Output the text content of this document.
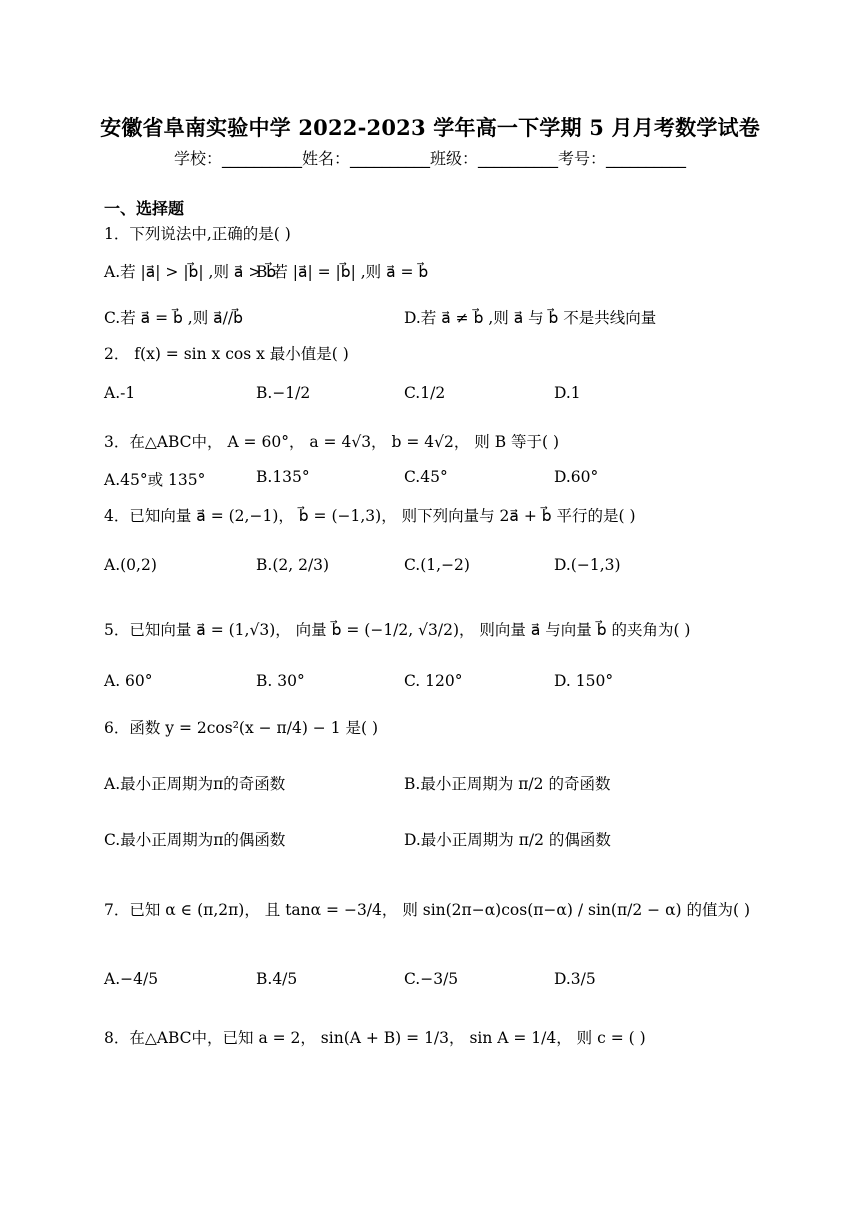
安徽省阜南实验中学 2022-2023 学年高一下学期 5 月月考数学试卷
学校：__________姓名：__________班级：__________考号：__________
一、选择题
1．下列说法中,正确的是( )
A.若 |a⃗| > |b⃗| ,则 a⃗ > b⃗
B.若 |a⃗| = |b⃗| ,则 a⃗ = b⃗
C.若 a⃗ = b⃗ ,则 a⃗//b⃗	D.若 a⃗ ≠ b⃗ ,则 a⃗ 与 b⃗ 不是共线向量
2． f(x) = sin x cos x 最小值是( )
A.-1	B.−1/2	C.1/2	D.1
3．在△ABC中， A = 60°， a = 4√3， b = 4√2， 则 B 等于( )
A.45°或 135°	B.135°	C.45°	D.60°
4．已知向量 a⃗ = (2,−1)， b⃗ = (−1,3)， 则下列向量与 2a⃗ + b⃗ 平行的是( )
A.(0,2)	B.(2, 2/3)	C.(1,−2)	D.(−1,3)
5．已知向量 a⃗ = (1,√3)， 向量 b⃗ = (−1/2, √3/2)， 则向量 a⃗ 与向量 b⃗ 的夹角为( )
A. 60°	B. 30°	C. 120°	D. 150°
6．函数 y = 2cos²(x − π/4) − 1 是( )
A.最小正周期为π的奇函数	B.最小正周期为 π/2 的奇函数
C.最小正周期为π的偶函数	D.最小正周期为 π/2 的偶函数
7．已知 α ∈ (π,2π)， 且 tanα = −3/4， 则 sin(2π−α)cos(π−α) / sin(π/2 − α) 的值为( )
A.−4/5	B.4/5	C.−3/5	D.3/5
8．在△ABC中，已知 a = 2， sin(A + B) = 1/3， sin A = 1/4， 则 c = ( )
